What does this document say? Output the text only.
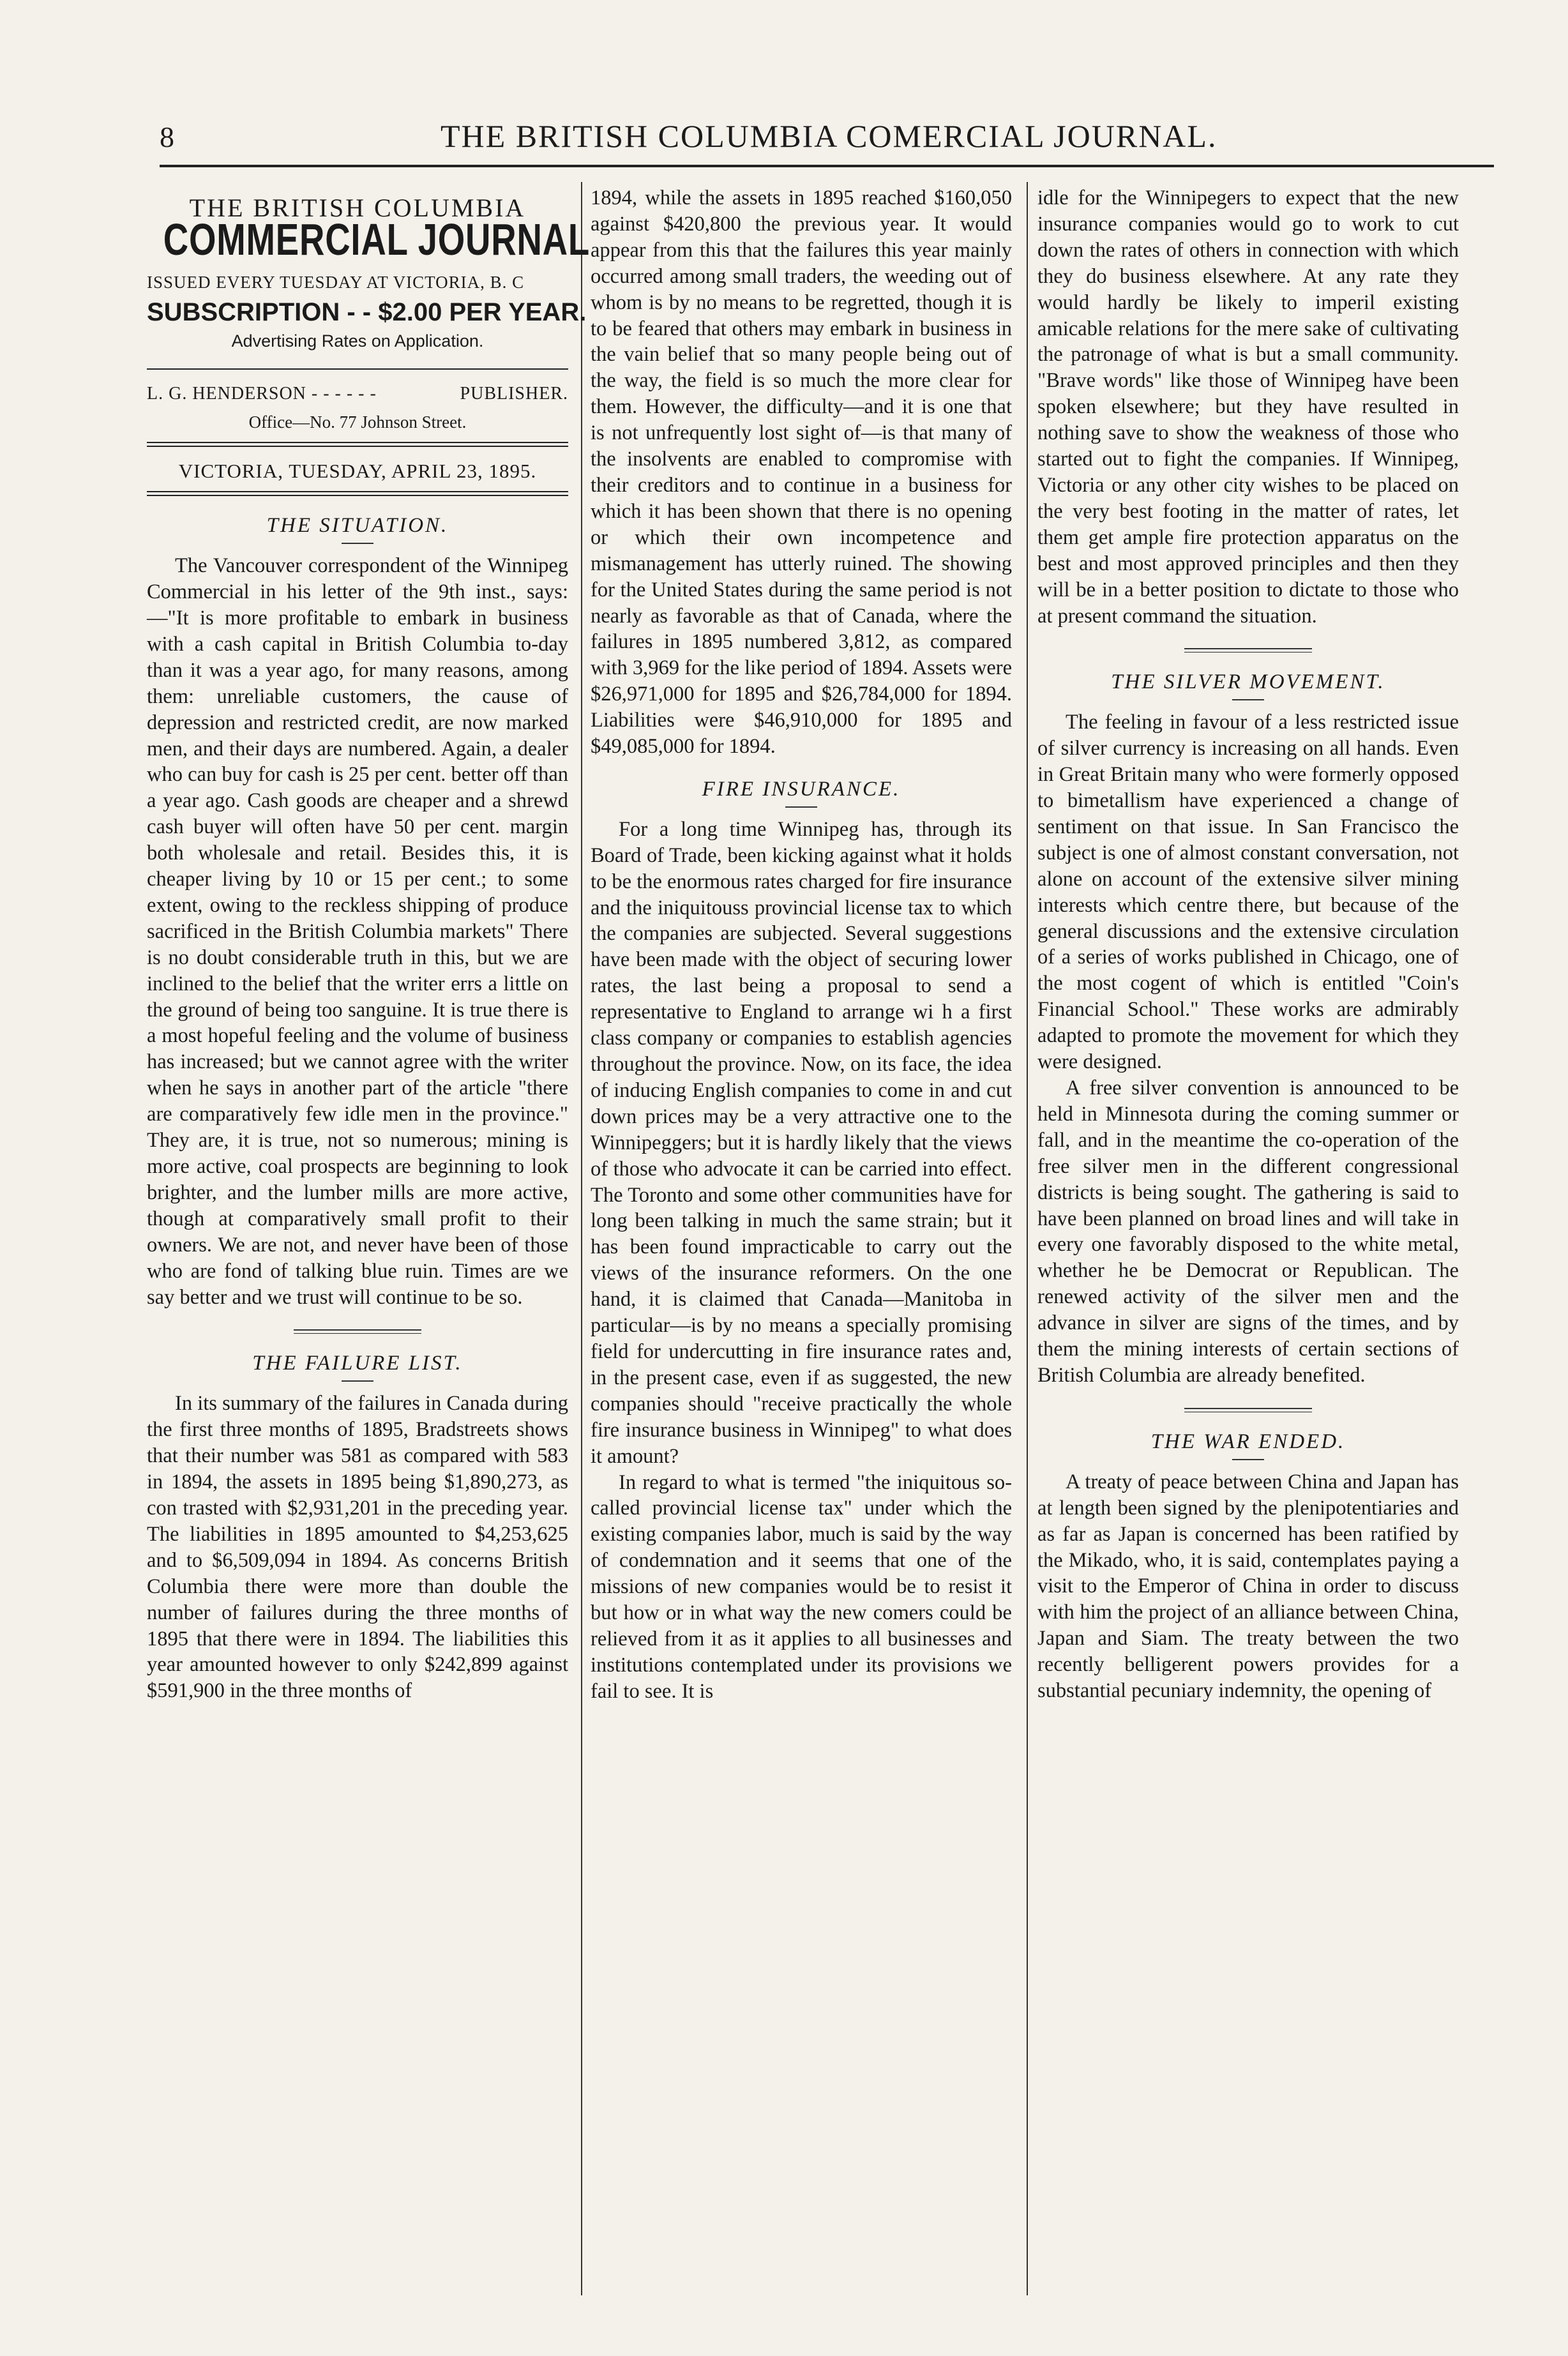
8	THE BRITISH COLUMBIA COMERCIAL JOURNAL.
THE BRITISH COLUMBIA
COMMERCIAL JOURNAL
ISSUED EVERY TUESDAY AT VICTORIA, B. C
SUBSCRIPTION - - $2.00 PER YEAR.
Advertising Rates on Application.
L. G. HENDERSON - - - - - -	PUBLISHER.
Office—No. 77 Johnson Street.
VICTORIA, TUESDAY, APRIL 23, 1895.
THE SITUATION.

The Vancouver correspondent of the Winnipeg Commercial in his letter of the 9th inst., says: —"It is more profitable to embark in business with a cash capital in British Columbia to-day than it was a year ago, for many reasons, among them: unreliable customers, the cause of depression and restricted credit, are now marked men, and their days are numbered. Again, a dealer who can buy for cash is 25 per cent. better off than a year ago. Cash goods are cheaper and a shrewd cash buyer will often have 50 per cent. margin both wholesale and retail. Besides this, it is cheaper living by 10 or 15 per cent.; to some extent, owing to the reckless shipping of produce sacrificed in the British Columbia markets" There is no doubt considerable truth in this, but we are inclined to the belief that the writer errs a little on the ground of being too sanguine. It is true there is a most hopeful feeling and the volume of business has increased; but we cannot agree with the writer when he says in another part of the article "there are comparatively few idle men in the province." They are, it is true, not so numerous; mining is more active, coal prospects are beginning to look brighter, and the lumber mills are more active, though at comparatively small profit to their owners. We are not, and never have been of those who are fond of talking blue ruin. Times are we say better and we trust will continue to be so.

THE FAILURE LIST.

In its summary of the failures in Canada during the first three months of 1895, Bradstreets shows that their number was 581 as compared with 583 in 1894, the assets in 1895 being $1,890,273, as con trasted with $2,931,201 in the preceding year. The liabilities in 1895 amounted to $4,253,625 and to $6,509,094 in 1894. As concerns British Columbia there were more than double the number of failures during the three months of 1895 that there were in 1894. The liabilities this year amounted however to only $242,899 against $591,900 in the three months of

1894, while the assets in 1895 reached $160,050 against $420,800 the previous year. It would appear from this that the failures this year mainly occurred among small traders, the weeding out of whom is by no means to be regretted, though it is to be feared that others may embark in business in the vain belief that so many people being out of the way, the field is so much the more clear for them. However, the difficulty—and it is one that is not unfrequently lost sight of—is that many of the insolvents are enabled to compromise with their creditors and to continue in a business for which it has been shown that there is no opening or which their own incompetence and mismanagement has utterly ruined. The showing for the United States during the same period is not nearly as favorable as that of Canada, where the failures in 1895 numbered 3,812, as compared with 3,969 for the like period of 1894. Assets were $26,971,000 for 1895 and $26,784,000 for 1894. Liabilities were $46,910,000 for 1895 and $49,085,000 for 1894.

FIRE INSURANCE.

For a long time Winnipeg has, through its Board of Trade, been kicking against what it holds to be the enormous rates charged for fire insurance and the iniquitouss provincial license tax to which the companies are subjected. Several suggestions have been made with the object of securing lower rates, the last being a proposal to send a representative to England to arrange wi h a first class company or companies to establish agencies throughout the province. Now, on its face, the idea of inducing English companies to come in and cut down prices may be a very attractive one to the Winnipeggers; but it is hardly likely that the views of those who advocate it can be carried into effect. The Toronto and some other communities have for long been talking in much the same strain; but it has been found impracticable to carry out the views of the insurance reformers. On the one hand, it is claimed that Canada—Manitoba in particular—is by no means a specially promising field for undercutting in fire insurance rates and, in the present case, even if as suggested, the new companies should "receive practically the whole fire insurance business in Winnipeg" to what does it amount?

In regard to what is termed "the iniquitous so-called provincial license tax" under which the existing companies labor, much is said by the way of condemnation and it seems that one of the missions of new companies would be to resist it but how or in what way the new comers could be relieved from it as it applies to all businesses and institutions contemplated under its provisions we fail to see. It is

idle for the Winnipegers to expect that the new insurance companies would go to work to cut down the rates of others in connection with which they do business elsewhere. At any rate they would hardly be likely to imperil existing amicable relations for the mere sake of cultivating the patronage of what is but a small community. "Brave words" like those of Winnipeg have been spoken elsewhere; but they have resulted in nothing save to show the weakness of those who started out to fight the companies. If Winnipeg, Victoria or any other city wishes to be placed on the very best footing in the matter of rates, let them get ample fire protection apparatus on the best and most approved principles and then they will be in a better position to dictate to those who at present command the situation.

THE SILVER MOVEMENT.

The feeling in favour of a less restricted issue of silver currency is increasing on all hands. Even in Great Britain many who were formerly opposed to bimetallism have experienced a change of sentiment on that issue. In San Francisco the subject is one of almost constant conversation, not alone on account of the extensive silver mining interests which centre there, but because of the general discussions and the extensive circulation of a series of works published in Chicago, one of the most cogent of which is entitled "Coin's Financial School." These works are admirably adapted to promote the movement for which they were designed.

A free silver convention is announced to be held in Minnesota during the coming summer or fall, and in the meantime the co-operation of the free silver men in the different congressional districts is being sought. The gathering is said to have been planned on broad lines and will take in every one favorably disposed to the white metal, whether he be Democrat or Republican. The renewed activity of the silver men and the advance in silver are signs of the times, and by them the mining interests of certain sections of British Columbia are already benefited.

THE WAR ENDED.

A treaty of peace between China and Japan has at length been signed by the plenipotentiaries and as far as Japan is concerned has been ratified by the Mikado, who, it is said, contemplates paying a visit to the Emperor of China in order to discuss with him the project of an alliance between China, Japan and Siam. The treaty between the two recently belligerent powers provides for a substantial pecuniary indemnity, the opening of
